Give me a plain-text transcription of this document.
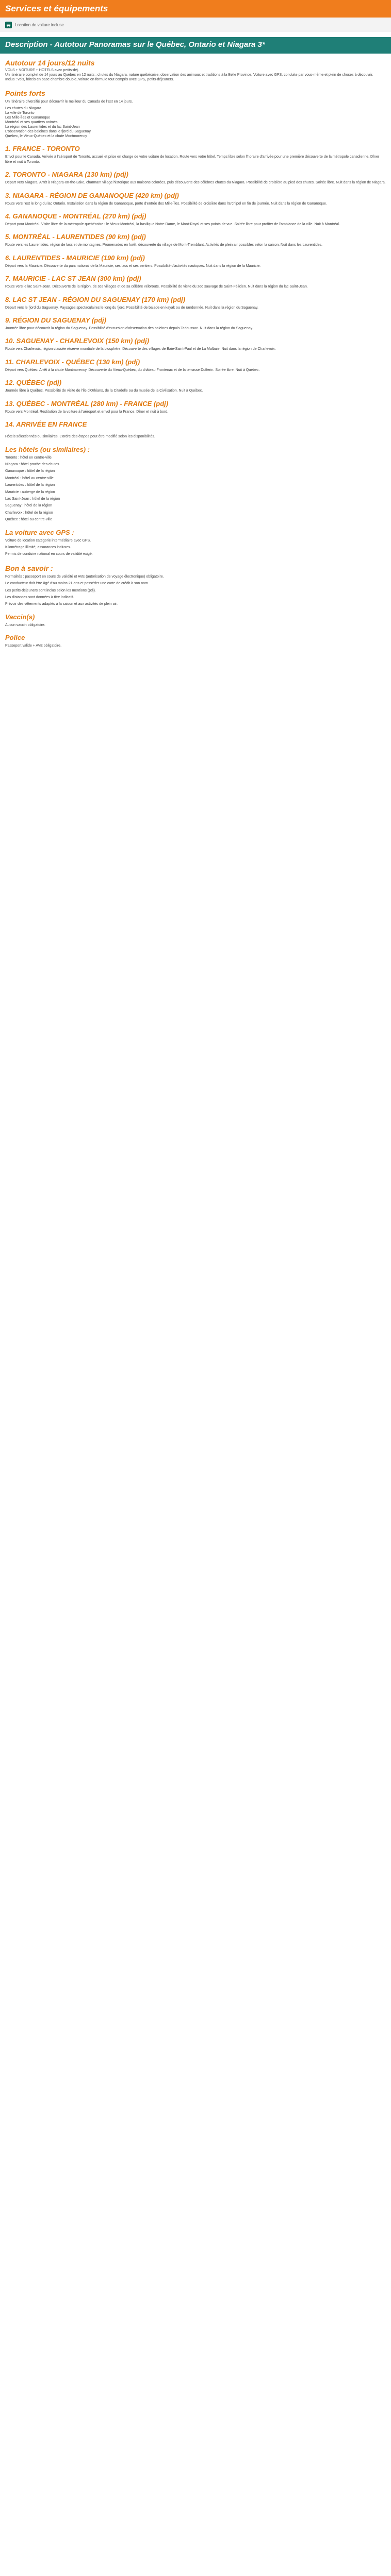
Services et équipements
Location de voiture incluse
Description - Autotour Panoramas sur le Québec, Ontario et Niagara 3*
Autotour 14 jours/12 nuits
VOLS + VOITURE + HOTELS avec petits-déj.
Un itinéraire complet de 14 jours au Québec en 12 nuits : chutes du Niagara, nature québécoise, observation des animaux et traditions à la Belle Province. Voiture avec GPS, conduite par vous-même et plein de choses à découvrir.
Inclus : vols, hôtels en base chambre double, voiture en formule tout compris avec GPS, petits-déjeuners.
Points forts
Un itinéraire diversifié pour découvrir le meilleur du Canada de l'Est en 14 jours.
Les chutes du Niagara
La ville de Toronto
Les Mille-Îles et Gananoque
Montréal et ses quartiers animés
La région des Laurentides et du lac Saint-Jean
L'observation des baleines dans le fjord du Saguenay
Québec, le Vieux-Québec et la chute Montmorency
1. FRANCE - TORONTO
Envol pour le Canada. Arrivée à l'aéroport de Toronto, accueil et prise en charge de votre voiture de location. Route vers votre hôtel. Temps libre selon l'horaire d'arrivée pour une première découverte de la métropole canadienne. Dîner libre et nuit à Toronto.
2. TORONTO - NIAGARA (130 km) (pdj)
Départ vers Niagara. Arrêt à Niagara-on-the-Lake, charmant village historique aux maisons colorées, puis découverte des célèbres chutes du Niagara. Possibilité de croisière au pied des chutes. Soirée libre. Nuit dans la région de Niagara.
3. NIAGARA - RÉGION DE GANANOQUE (420 km) (pdj)
Route vers l'est le long du lac Ontario. Installation dans la région de Gananoque, porte d'entrée des Mille-Îles. Possibilité de croisière dans l'archipel en fin de journée. Nuit dans la région de Gananoque.
4. GANANOQUE - MONTRÉAL (270 km) (pdj)
Départ pour Montréal. Visite libre de la métropole québécoise : le Vieux-Montréal, la basilique Notre-Dame, le Mont-Royal et ses points de vue. Soirée libre pour profiter de l'ambiance de la ville. Nuit à Montréal.
5. MONTRÉAL - LAURENTIDES (90 km) (pdj)
Route vers les Laurentides, région de lacs et de montagnes. Promenades en forêt, découverte du village de Mont-Tremblant. Activités de plein air possibles selon la saison. Nuit dans les Laurentides.
6. LAURENTIDES - MAURICIE (190 km) (pdj)
Départ vers la Mauricie. Découverte du parc national de la Mauricie, ses lacs et ses sentiers. Possibilité d'activités nautiques. Nuit dans la région de la Mauricie.
7. MAURICIE - LAC ST JEAN (300 km) (pdj)
Route vers le lac Saint-Jean. Découverte de la région, de ses villages et de sa célèbre véloroute. Possibilité de visite du zoo sauvage de Saint-Félicien. Nuit dans la région du lac Saint-Jean.
8. LAC ST JEAN - RÉGION DU SAGUENAY (170 km) (pdj)
Départ vers le fjord du Saguenay. Paysages spectaculaires le long du fjord. Possibilité de balade en kayak ou de randonnée. Nuit dans la région du Saguenay.
9. RÉGION DU SAGUENAY (pdj)
Journée libre pour découvrir la région du Saguenay. Possibilité d'excursion d'observation des baleines depuis Tadoussac. Nuit dans la région du Saguenay.
10. SAGUENAY - CHARLEVOIX (150 km) (pdj)
Route vers Charlevoix, région classée réserve mondiale de la biosphère. Découverte des villages de Baie-Saint-Paul et de La Malbaie. Nuit dans la région de Charlevoix.
11. CHARLEVOIX - QUÉBEC (130 km) (pdj)
Départ vers Québec. Arrêt à la chute Montmorency. Découverte du Vieux-Québec, du château Frontenac et de la terrasse Dufferin. Soirée libre. Nuit à Québec.
12. QUÉBEC (pdj)
Journée libre à Québec. Possibilité de visite de l'île d'Orléans, de la Citadelle ou du musée de la Civilisation. Nuit à Québec.
13. QUÉBEC - MONTRÉAL (280 km) - FRANCE (pdj)
Route vers Montréal. Restitution de la voiture à l'aéroport et envol pour la France. Dîner et nuit à bord.
14. ARRIVÉE EN FRANCE
Hôtels sélectionnés ou similaires. L'ordre des étapes peut être modifié selon les disponibilités.
Les hôtels (ou similaires) :
Toronto : hôtel en centre-ville
Niagara : hôtel proche des chutes
Gananoque : hôtel de la région
Montréal : hôtel au centre-ville
Laurentides : hôtel de la région
Mauricie : auberge de la région
Lac Saint-Jean : hôtel de la région
Saguenay : hôtel de la région
Charlevoix : hôtel de la région
Québec : hôtel au centre-ville
La voiture avec GPS :
Voiture de location catégorie intermédiaire avec GPS.
Kilométrage illimité, assurances incluses.
Permis de conduire national en cours de validité exigé.
Bon à savoir :
Formalités : passeport en cours de validité et AVE (autorisation de voyage électronique) obligatoire.
Le conducteur doit être âgé d'au moins 21 ans et posséder une carte de crédit à son nom.
Les petits-déjeuners sont inclus selon les mentions (pdj).
Les distances sont données à titre indicatif.
Prévoir des vêtements adaptés à la saison et aux activités de plein air.
Vaccin(s)
Aucun vaccin obligatoire.
Police
Passeport valide + AVE obligatoire.
